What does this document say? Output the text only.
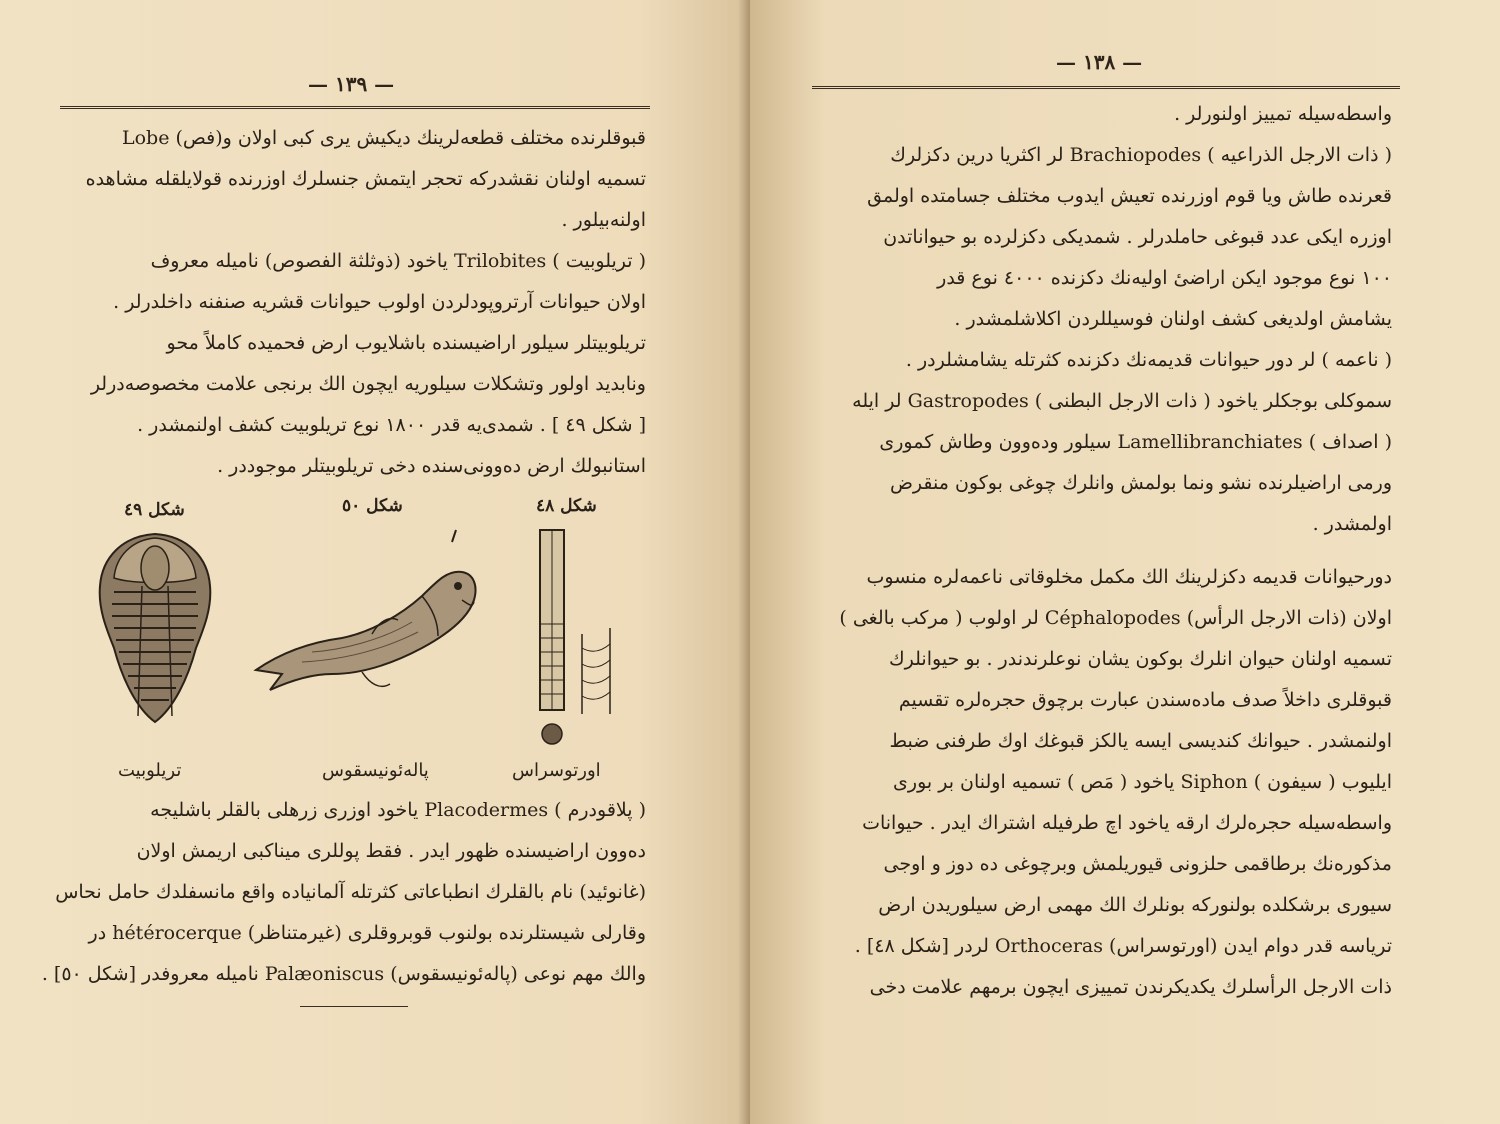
— ١٣٩ —
قبوقلرنده مختلف قطعه‌لرینك دیكیش یری كبی اولان و(فص) Lobe
تسمیه اولنان نقشدركه تحجر ایتمش جنسلرك اوزرنده قولایلقله مشاهده
اولنه‌بیلور .
( تریلوبیت ) Trilobites یاخود (ذوثلثة الفصوص) نامیله معروف
اولان حیوانات آرتروپودلردن اولوب حیوانات قشریه صنفنه داخلدرلر .
تریلوبیتلر سیلور اراضیسنده باشلایوب ارض فحمیده كاملاً محو
ونابدید اولور وتشكلات سیلوریه ایچون الك برنجی علامت مخصوصه‌درلر
[ شكل ٤٩ ] . شمدی‌یه قدر ١٨٠٠ نوع تریلوبیت كشف اولنمشدر .
استانبولك ارض دەوونی‌سنده دخی تریلوبیتلر موجوددر .
شكل ٤٨
شكل ٥٠
شكل ٤٩
اورتوسراس
پاله‌ئونیسقوس
تریلوبیت
( پلاقودرم ) Placodermes یاخود اوزری زرهلی بالقلر باشلیجه
دەوون اراضیسنده ظهور ایدر . فقط پوللری میناكبی اریمش اولان
(غانوئید) نام بالقلرك انطباعاتی كثرتله آلمانیاده واقع مانسفلدك حامل نحاس
وقارلی شیستلرنده بولنوب قوبروقلری (غیرمتناظر) hétérocerque در
والك مهم نوعی (پاله‌ئونیسقوس) Palæoniscus نامیله معروفدر [شكل ٥٠] .
— ١٣٨ —
واسطه‌سیله تمییز اولنورلر .
( ذات الارجل الذراعیه ) Brachiopodes لر اكثریا درین دكزلرك
قعرنده طاش ویا قوم اوزرنده تعیش ایدوب مختلف جسامتده اولمق
اوزره ایكی عدد قبوغی حاملدرلر . شمدیكی دكزلرده بو حیواناتدن
١٠٠ نوع موجود ایكن اراضیٔ اولیه‌نك دكزنده ٤٠٠٠ نوع قدر
یشامش اولدیغی كشف اولنان فوسیللردن اكلاشلمشدر .
( ناعمه ) لر دور حیوانات قدیمه‌نك دكزنده كثرتله یشامشلردر .
سموكلی بوجكلر یاخود ( ذات الارجل البطنی ) Gastropodes لر ایله
( اصداف ) Lamellibranchiates سیلور ودەوون وطاش كموری
ورمی اراضیلرنده نشو ونما بولمش وانلرك چوغی بوكون منقرض
اولمشدر .
دورحیوانات قدیمه دكزلرینك الك مكمل مخلوقاتی ناعمه‌لره منسوب
اولان (ذات الارجل الرأس) Céphalopodes لر اولوب ( مركب بالغی )
تسمیه اولنان حیوان انلرك بوكون یشان نوعلرندندر . بو حیوانلرك
قبوقلری داخلاً صدف ماده‌سندن عبارت برچوق حجره‌لره تقسیم
اولنمشدر . حیوانك كندیسی ایسه یالكز قبوغك اوك طرفنی ضبط
ایلیوب ( سیفون ) Siphon یاخود ( مَص ) تسمیه اولنان بر بوری
واسطه‌سیله حجره‌لرك ارقه یاخود اچ طرفیله اشتراك ایدر . حیوانات
مذكوره‌نك برطاقمی حلزونی قیوریلمش وبرچوغی ده دوز و اوجی
سیوری برشكلده بولنوركه بونلرك الك مهمی ارض سیلوریدن ارض
تریاسه قدر دوام ایدن (اورتوسراس) Orthoceras لردر [شكل ٤٨] .
ذات الارجل الرأسلرك یكدیكرندن تمییزی ایچون برمهم علامت دخی
